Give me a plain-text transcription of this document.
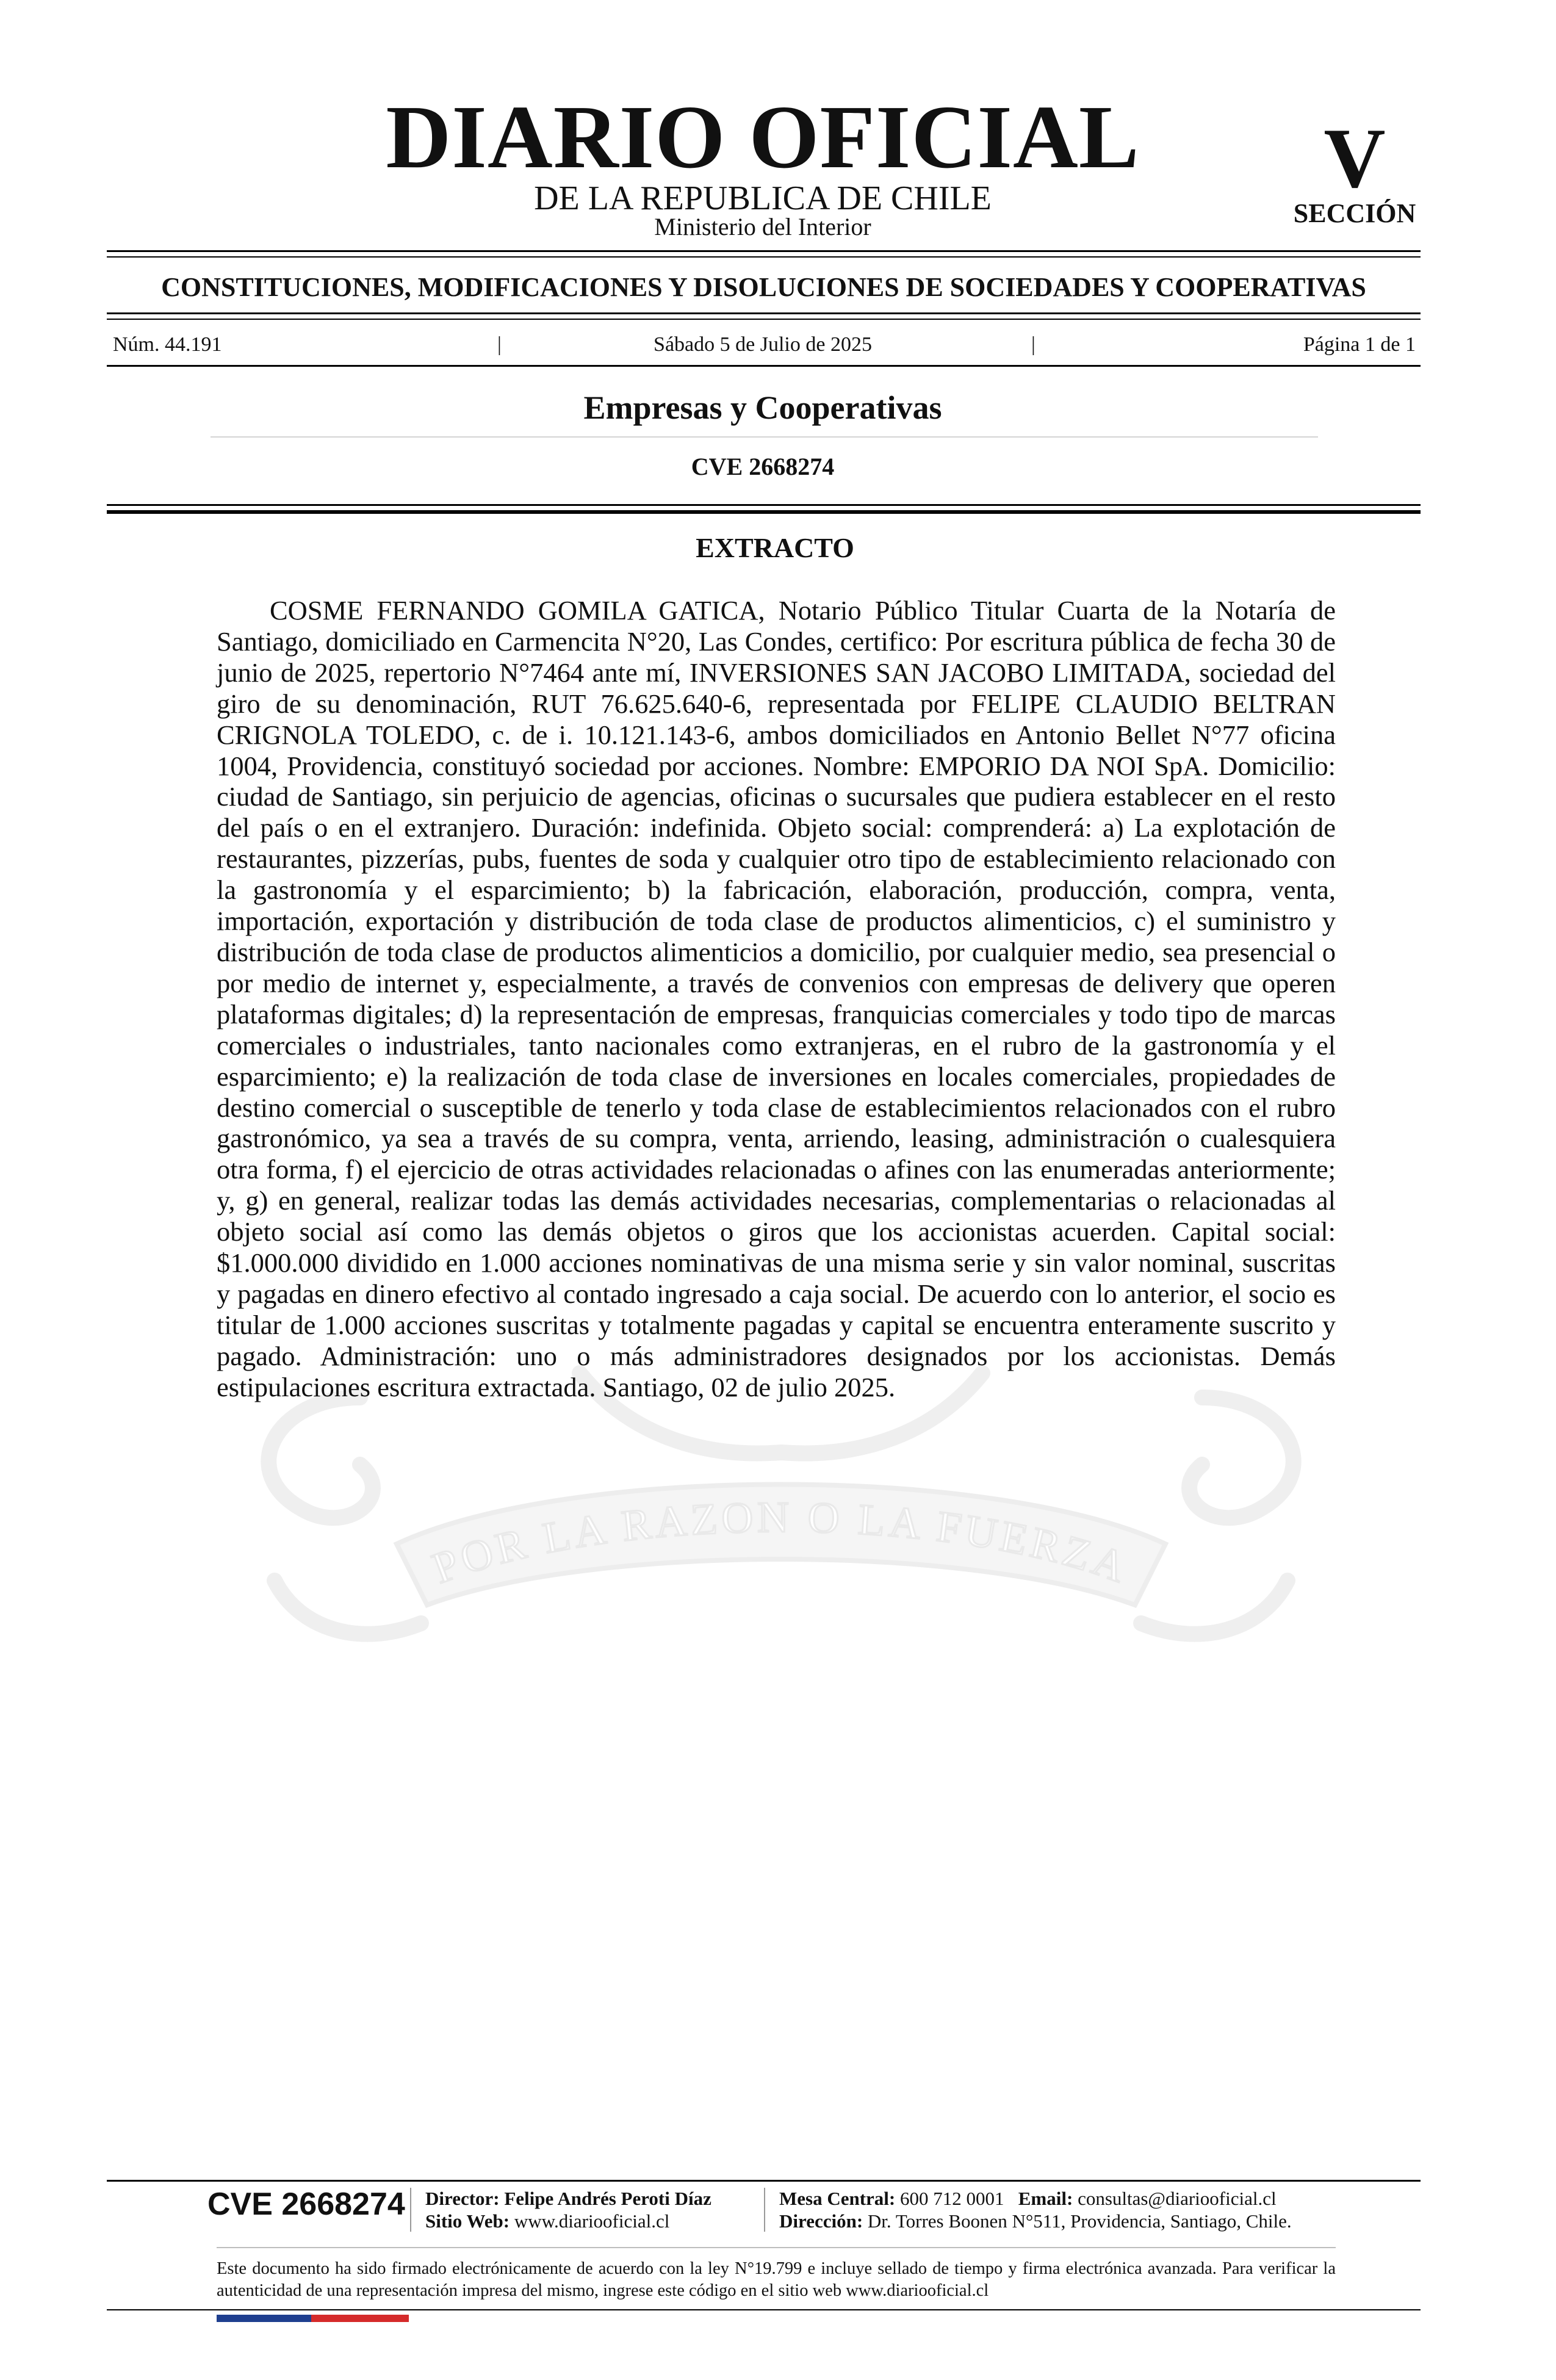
DIARIO OFICIAL
DE LA REPUBLICA DE CHILE
Ministerio del Interior
V
SECCIÓN
CONSTITUCIONES, MODIFICACIONES Y DISOLUCIONES DE SOCIEDADES Y COOPERATIVAS
Núm. 44.191	|	Sábado 5 de Julio de 2025	|	Página 1 de 1
Empresas y Cooperativas
CVE 2668274
POR LA RAZON O LA FUERZA
EXTRACTO

COSME FERNANDO GOMILA GATICA, Notario Público Titular Cuarta de la Notaría de Santiago, domiciliado en Carmencita N°20, Las Condes, certifico: Por escritura pública de fecha 30 de junio de 2025, repertorio N°7464 ante mí, INVERSIONES SAN JACOBO LIMITADA, sociedad del giro de su denominación, RUT 76.625.640-6, representada por FELIPE CLAUDIO BELTRAN CRIGNOLA TOLEDO, c. de i. 10.121.143-6, ambos domiciliados en Antonio Bellet N°77 oficina 1004, Providencia, constituyó sociedad por acciones. Nombre: EMPORIO DA NOI SpA. Domicilio: ciudad de Santiago, sin perjuicio de agencias, oficinas o sucursales que pudiera establecer en el resto del país o en el extranjero. Duración: indefinida. Objeto social: comprenderá: a) La explotación de restaurantes, pizzerías, pubs, fuentes de soda y cualquier otro tipo de establecimiento relacionado con la gastronomía y el esparcimiento; b) la fabricación, elaboración, producción, compra, venta, importación, exportación y distribución de toda clase de productos alimenticios, c) el suministro y distribución de toda clase de productos alimenticios a domicilio, por cualquier medio, sea presencial o por medio de internet y, especialmente, a través de convenios con empresas de delivery que operen plataformas digitales; d) la representación de empresas, franquicias comerciales y todo tipo de marcas comerciales o industriales, tanto nacionales como extranjeras, en el rubro de la gastronomía y el esparcimiento; e) la realización de toda clase de inversiones en locales comerciales, propiedades de destino comercial o susceptible de tenerlo y toda clase de establecimientos relacionados con el rubro gastronómico, ya sea a través de su compra, venta, arriendo, leasing, administración o cualesquiera otra forma, f) el ejercicio de otras actividades relacionadas o afines con las enumeradas anteriormente; y, g) en general, realizar todas las demás actividades necesarias, complementarias o relacionadas al objeto social así como las demás objetos o giros que los accionistas acuerden. Capital social: $1.000.000 dividido en 1.000 acciones nominativas de una misma serie y sin valor nominal, suscritas y pagadas en dinero efectivo al contado ingresado a caja social. De acuerdo con lo anterior, el socio es titular de 1.000 acciones suscritas y totalmente pagadas y capital se encuentra enteramente suscrito y pagado. Administración: uno o más administradores designados por los accionistas. Demás estipulaciones escritura extractada. Santiago, 02 de julio 2025.

CVE 2668274 Director: Felipe Andrés Peroti Díaz
Sitio Web: www.diariooficial.cl
Mesa Central: 600 712 0001 Email: consultas@diariooficial.cl
Dirección: Dr. Torres Boonen N°511, Providencia, Santiago, Chile.
Este documento ha sido firmado electrónicamente de acuerdo con la ley N°19.799 e incluye sellado de tiempo y firma electrónica avanzada. Para verificar la autenticidad de una representación impresa del mismo, ingrese este código en el sitio web www.diariooficial.cl
